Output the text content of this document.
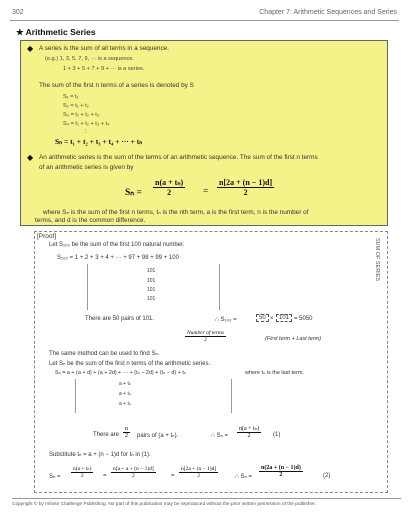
302	Chapter 7: Arithmetic Sequences and Series
★ Arithmetic Series
◆ A series is the sum of all terms in a sequence.
(e.g.) 1, 3, 5, 7, 9, ··· is a sequence.
1 + 3 + 5 + 7 + 9 + ··· is a series.
The sum of the first n terms of a series is denoted by S
S₁ = t₁
S₂ = t₁ + t₂
S₃ = t₁ + t₂ + t₃
S₄ = t₁ + t₂ + t₃ + t₄
⋮
Sₙ = t₁ + t₂ + t₃ + t₄ + ··· + tₙ
◆ An arithmetic series is the sum of the terms of an arithmetic sequence. The sum of the first n terms
of an arithmetic series is given by
$S_n = \frac{\text{n(a + tₙ)}}{2} = \frac{n[2a + (n - 1)d]}{2}$
where Sₙ is the sum of the first n terms, tₙ is the nth term, a is the first term, n is the number of
terms, and d is the common difference.
[Proof]
Let S₁₀₀ be the sum of the first 100 natural number.
S₁₀₀ = 1 + 2 + 3 + 4 + ··· + 97 + 98 + 99 + 100
101
101
101
101
There are 50 pairs of 101.	∴ S₁₀₀ =	50 × 101 = 5050
Number of terms
2	(First term + Last term)
The same method can be used to find Sₙ.
Let Sₙ be the sum of the first n terms of the arithmetic series.
Sₙ = a + (a + d) + (a + 2d) + ··· + (tₙ − 2d) + (tₙ − d) + tₙ	where tₙ is the last term.
a + tₙ
a + tₙ
a + tₙ
There are $\frac{n}{2}$ pairs of (a + tₙ).	∴ $S_n = \frac{\text{n(a + tₙ)}}{2} (1)$
Substitute tₙ = a + (n − 1)d for tₙ in (1).
$S_n = \frac{\text{n(a + tₙ)}}{2} = \frac{n[a + a + (n - 1)d]}{2}$	= $\frac{n[2a + (n - 1)d]}{2}$	∴ $S_n = \frac{n(2a + (n - 1)d)}{2}$	(2)
SUM OF SERIES
Copyright © by Infinite Challenge Publishing. No part of this publication may be reproduced without the prior written permission of the publisher.
